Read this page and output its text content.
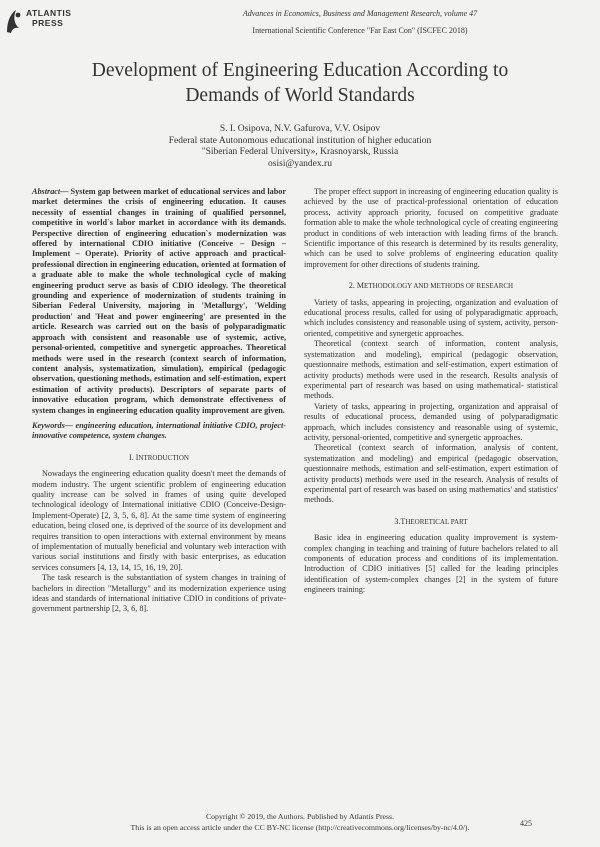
ATLANTIS
PRESS
Advances in Economics, Business and Management Research, volume 47
International Scientific Conference "Far East Con" (ISCFEC 2018)
Development of Engineering Education According to
Demands of World Standards
S. I. Osipova, N.V. Gafurova, V.V. Osipov
Federal state Autonomous educational institution of higher education
"Siberian Federal University», Krasnoyarsk, Russia
osisi@yandex.ru
Abstract— System gap between market of educational services and labor market determines the crisis of engineering education. It causes necessity of essential changes in training of qualified personnel, competitive in world`s labor market in accordance with its demands. Perspective direction of engineering education`s modernization was offered by international CDIO initiative (Conceive – Design – Implement – Operate). Priority of active approach and practical-professional direction in engineering education, oriented at formation of a graduate able to make the whole technological cycle of making engineering product serve as basis of CDIO ideology. The theoretical grounding and experience of modernization of students training in Siberian Federal University, majoring in 'Metallurgy', 'Welding production' and 'Heat and power engineering' are presented in the article. Research was carried out on the basis of polyparadigmatic approach with consistent and reasonable use of systemic, active, personal-oriented, competitive and synergetic approaches. Theoretical methods were used in the research (context search of information, content analysis, systematization, simulation), empirical (pedagogic observation, questioning methods, estimation and self-estimation, expert estimation of activity products). Descriptors of separate parts of innovative education program, which demonstrate effectiveness of system changes in engineering education quality improvement are given.
Keywords— engineering education, international initiative CDIO, project-innovative competence, system changes.
I. INTRODUCTION

Nowadays the engineering education quality doesn't meet the demands of modern industry. The urgent scientific problem of engineering education quality increase can be solved in frames of using quite developed technological ideology of International initiative CDIO (Conceive-Design-Implement-Operate) [2, 3, 5, 6, 8]. At the same time system of engineering education, being closed one, is deprived of the source of its development and requires transition to open interactions with external environment by means of implementation of mutually beneficial and voluntary web interaction with various social institutions and firstly with basic enterprises, as education services consumers [4, 13, 14, 15, 16, 19, 20].

The task research is the substantiation of system changes in training of bachelors in direction "Metallurgy" and its modernization experience using ideas and standards of international initiative CDIO in conditions of private-government partnership [2, 3, 6, 8].

The proper effect support in increasing of engineering education quality is achieved by the use of practical-professional orientation of education process, activity approach priority, focused on competitive graduate formation able to make the whole technological cycle of creating engineering product in conditions of web interaction with leading firms of the branch. Scientific importance of this research is determined by its results generality, which can be used to solve problems of engineering education quality improvement for other directions of students training.

2. METHODOLOGY AND METHODS OF RESEARCH

Variety of tasks, appearing in projecting, organization and evaluation of educational process results, called for using of polyparadigmatic approach, which includes consistency and reasonable using of system, activity, person-oriented, competitive and synergetic approaches.

Theoretical (context search of information, content analysis, systematization and modeling), empirical (pedagogic observation, questionnaire methods, estimation and self-estimation, expert estimation of activity products) methods were used in the research. Results analysis of experimental part of research was based on using mathematical- statistical methods.

Variety of tasks, appearing in projecting, organization and appraisal of results of educational process, demanded using of polyparadigmatic approach, which includes consistency and reasonable using of systemic, activity, personal-oriented, competitive and synergetic approaches.

Theoretical (context search of information, analysis of content, systematization and modeling) and empirical (pedagogic observation, questionnaire methods, estimation and self-estimation, expert estimation of activity products) methods were used in the research. Analysis of results of experimental part of research was based on using mathematics' and statistics' methods.

3.THEORETICAL PART

Basic idea in engineering education quality improvement is system-complex changing in teaching and training of future bachelors related to all components of education process and conditions of its implementation. Introduction of CDIO initiatives [5] called for the leading principles identification of system-complex changes [2] in the system of future engineers training:

Copyright © 2019, the Authors. Published by Atlantis Press.
This is an open access article under the CC BY-NC license (http://creativecommons.org/licenses/by-nc/4.0/).	425
